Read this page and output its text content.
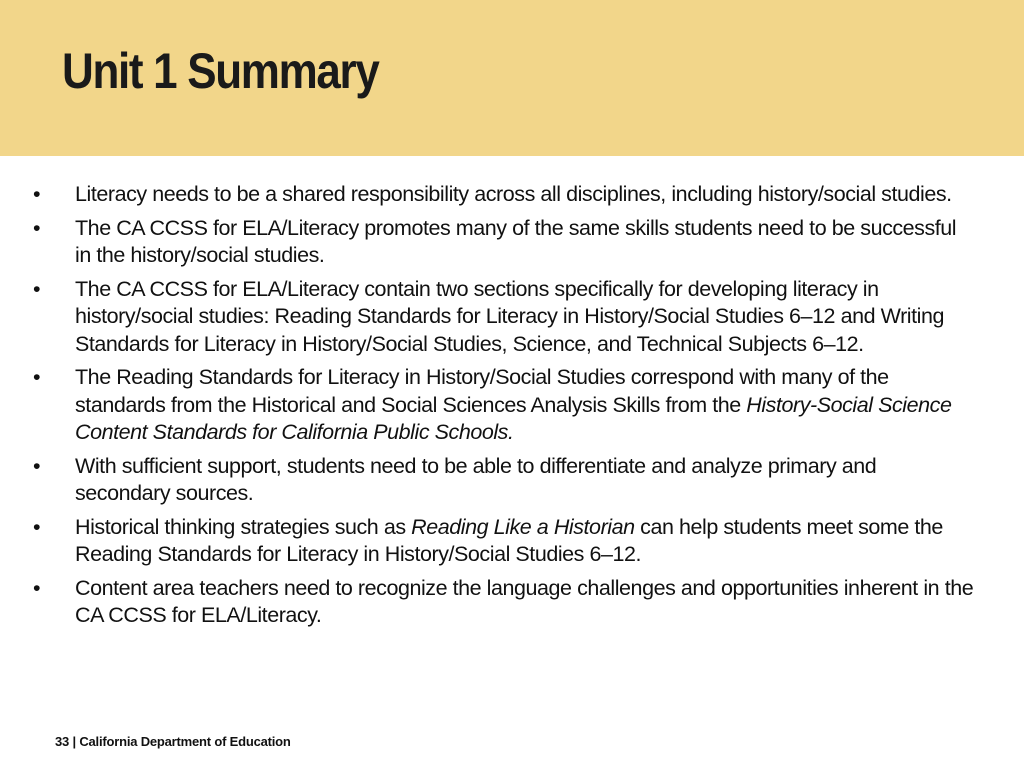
Unit 1 Summary
•	Literacy needs to be a shared responsibility across all disciplines, including history/social studies.
•	The CA CCSS for ELA/Literacy promotes many of the same skills students need to be successful in the history/social studies.
•	The CA CCSS for ELA/Literacy contain two sections specifically for developing literacy in history/social studies: Reading Standards for Literacy in History/Social Studies 6–12 and Writing Standards for Literacy in History/Social Studies, Science, and Technical Subjects 6–12.
•	The Reading Standards for Literacy in History/Social Studies correspond with many of the standards from the Historical and Social Sciences Analysis Skills from the History-Social Science Content Standards for California Public Schools.
•	With sufficient support, students need to be able to differentiate and analyze primary and secondary sources.
•	Historical thinking strategies such as Reading Like a Historian can help students meet some the Reading Standards for Literacy in History/Social Studies 6–12.
•	Content area teachers need to recognize the language challenges and opportunities inherent in the CA CCSS for ELA/Literacy.
33 | California Department of Education
